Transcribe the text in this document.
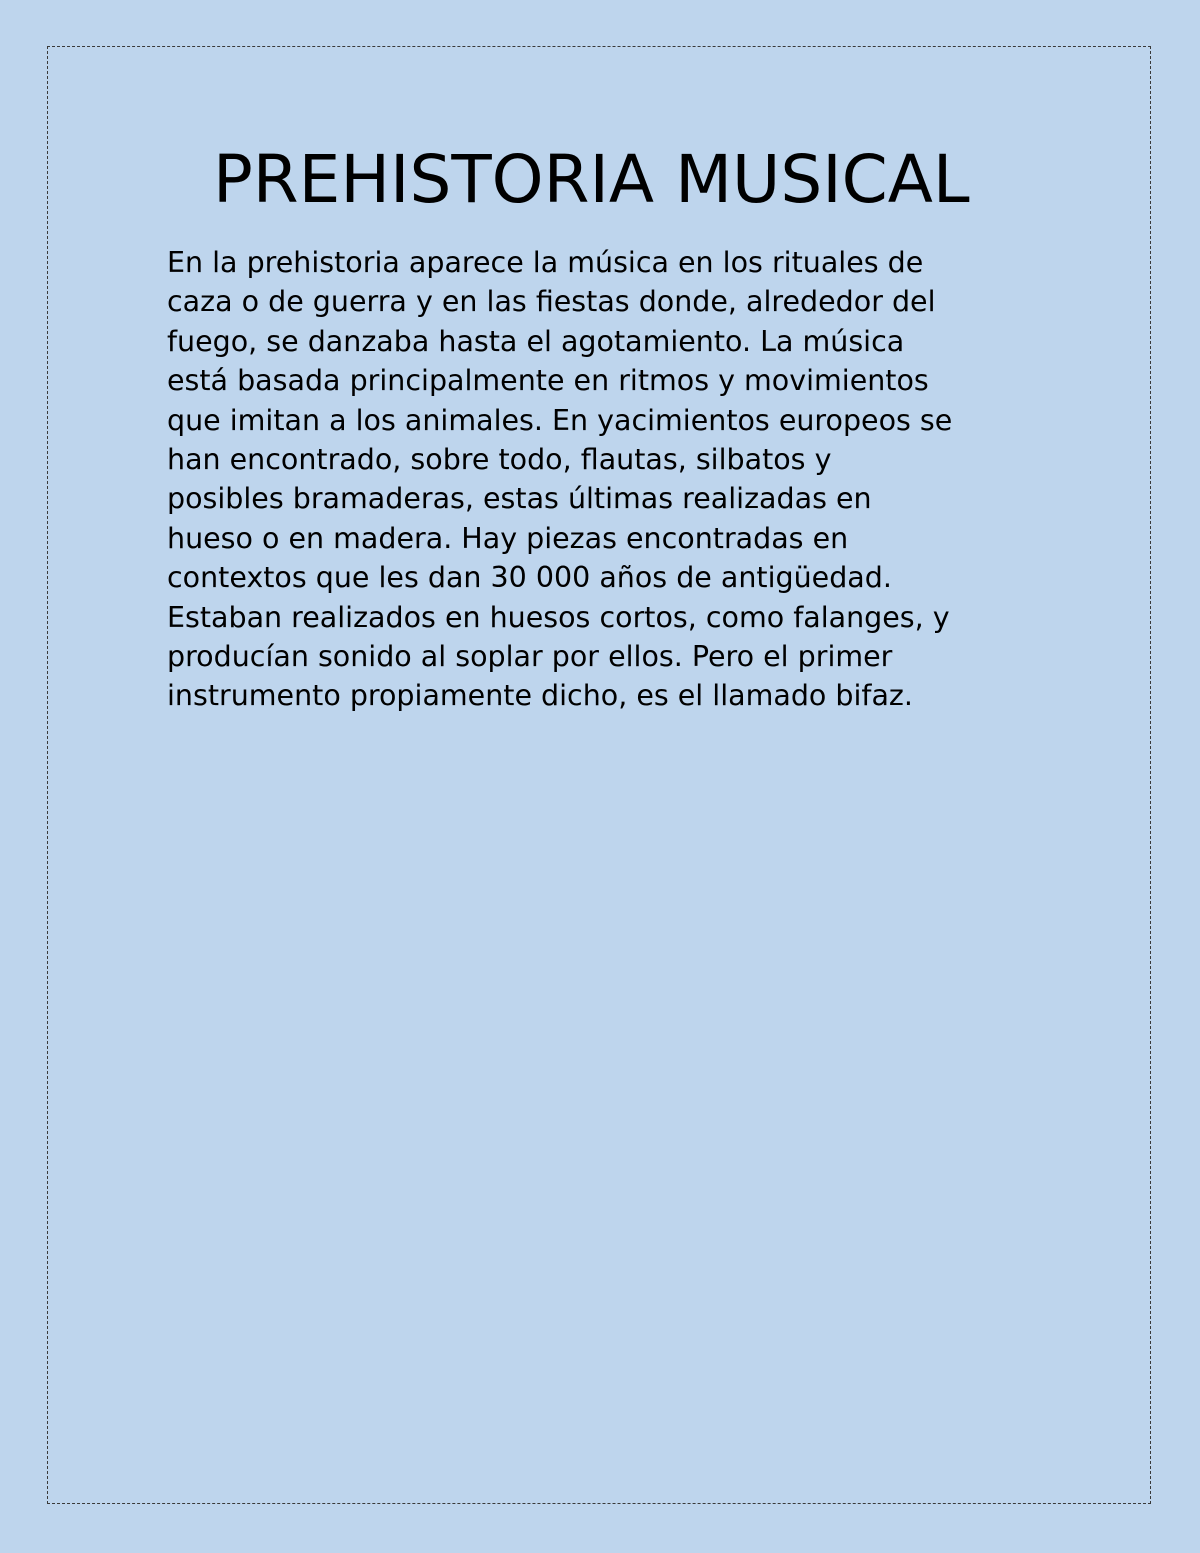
PREHISTORIA MUSICAL
En la prehistoria aparece la música en los rituales de
caza o de guerra y en las fiestas donde, alrededor del
fuego, se danzaba hasta el agotamiento. La música
está basada principalmente en ritmos y movimientos
que imitan a los animales. En yacimientos europeos se
han encontrado, sobre todo, flautas, silbatos y
posibles bramaderas, estas últimas realizadas en
hueso o en madera. Hay piezas encontradas en
contextos que les dan 30 000 años de antigüedad.
Estaban realizados en huesos cortos, como falanges, y
producían sonido al soplar por ellos. Pero el primer
instrumento propiamente dicho, es el llamado bifaz.
